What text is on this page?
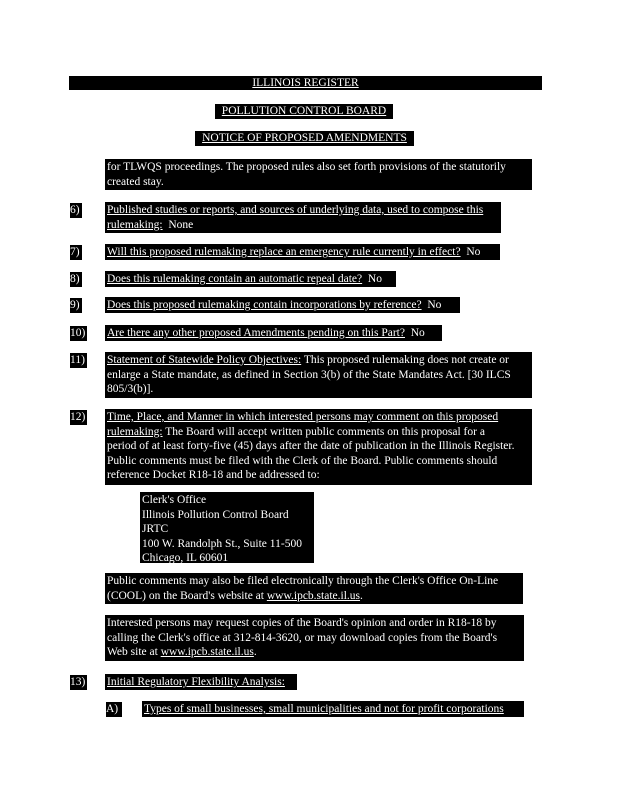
ILLINOIS REGISTER
POLLUTION CONTROL BOARD
NOTICE OF PROPOSED AMENDMENTS
for TLWQS proceedings. The proposed rules also set forth provisions of the statutorily
created stay.
6) Published studies or reports, and sources of underlying data, used to compose this
rulemaking: None
7) Will this proposed rulemaking replace an emergency rule currently in effect? No
8) Does this rulemaking contain an automatic repeal date? No
9) Does this proposed rulemaking contain incorporations by reference? No
10) Are there any other proposed Amendments pending on this Part? No
11) Statement of Statewide Policy Objectives: This proposed rulemaking does not create or
enlarge a State mandate, as defined in Section 3(b) of the State Mandates Act. [30 ILCS
805/3(b)].
12) Time, Place, and Manner in which interested persons may comment on this proposed
rulemaking: The Board will accept written public comments on this proposal for a
period of at least forty-five (45) days after the date of publication in the Illinois Register.
Public comments must be filed with the Clerk of the Board. Public comments should
reference Docket R18-18 and be addressed to:
Clerk's Office
Illinois Pollution Control Board
JRTC
100 W. Randolph St., Suite 11-500
Chicago, IL 60601
Public comments may also be filed electronically through the Clerk's Office On-Line
(COOL) on the Board's website at www.ipcb.state.il.us.
Interested persons may request copies of the Board's opinion and order in R18-18 by
calling the Clerk's office at 312-814-3620, or may download copies from the Board's
Web site at www.ipcb.state.il.us.
13) Initial Regulatory Flexibility Analysis:
A)	Types of small businesses, small municipalities and not for profit corporations
